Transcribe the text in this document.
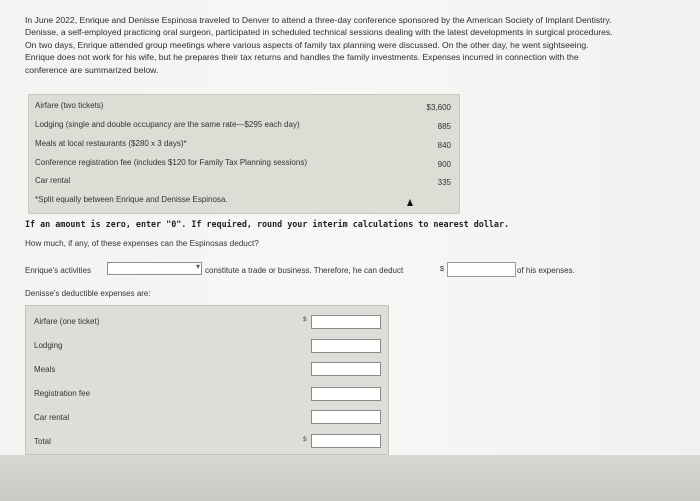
In June 2022, Enrique and Denisse Espinosa traveled to Denver to attend a three-day conference sponsored by the American Society of Implant Dentistry. Denisse, a self-employed practicing oral surgeon, participated in scheduled technical sessions dealing with the latest developments in surgical procedures. On two days, Enrique attended group meetings where various aspects of family tax planning were discussed. On the other day, he went sightseeing. Enrique does not work for his wife, but he prepares their tax returns and handles the family investments. Expenses incurred in connection with the conference are summarized below.
Airfare (two tickets)	$3,600
Lodging (single and double occupancy are the same rate—$295 each day)	885
Meals at local restaurants ($280 x 3 days)*	840
Conference registration fee (includes $120 for Family Tax Planning sessions)	900
Car rental	335
*Split equally between Enrique and Denisse Espinosa.
If an amount is zero, enter "0". If required, round your interim calculations to nearest dollar.
How much, if any, of these expenses can the Espinosas deduct?
Enrique's activities	constitute a trade or business. Therefore, he can deduct	$	of his expenses.
▾
Denisse's deductible expenses are:
Airfare (one ticket)	$
Lodging
Meals
Registration fee
Car rental
Total	$
